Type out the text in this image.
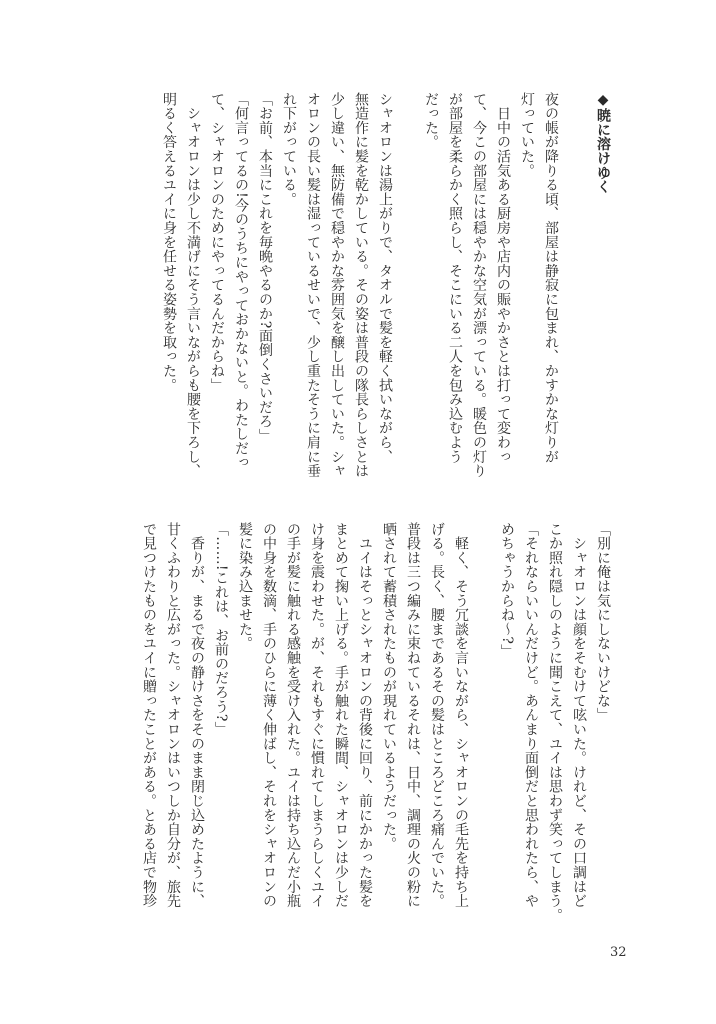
◆暁に溶けゆく

夜の帳が降りる頃、部屋は静寂に包まれ、かすかな灯りが

灯っていた。

　日中の活気ある厨房や店内の賑やかさとは打って変わっ

て、今この部屋には穏やかな空気が漂っている。暖色の灯り

が部屋を柔らかく照らし、そこにいる二人を包み込むよう

だった。

シャオロンは湯上がりで、タオルで髪を軽く拭いながら、

無造作に髪を乾かしている。その姿は普段の隊長らしさとは

少し違い、無防備で穏やかな雰囲気を醸し出していた。シャ

オロンの長い髪は湿っているせいで、少し重たそうに肩に垂

れ下がっている。

「お前、本当にこれを毎晩やるのか?面倒くさいだろ」

「何言ってるの!今のうちにやっておかないと。わたしだっ

て、シャオロンのためにやってるんだからね」

　シャオロンは少し不満げにそう言いながらも腰を下ろし、

明るく答えるユイに身を任せる姿勢を取った。

「別に俺は気にしないけどな」

　シャオロンは顔をそむけて呟いた。けれど、その口調はど

こか照れ隠しのように聞こえて、ユイは思わず笑ってしまう。

「それならいいんだけど。あんまり面倒だと思われたら、や

めちゃうからね〜?」

　軽く、そう冗談を言いながら、シャオロンの毛先を持ち上

げる。長く、腰まであるその髪はところどころ痛んでいた。

普段は三つ編みに束ねているそれは、日中、調理の火の粉に

晒されて蓄積されたものが現れているようだった。

　ユイはそっとシャオロンの背後に回り、前にかかった髪を

まとめて掬い上げる。手が触れた瞬間、シャオロンは少しだ

け身を震わせた。が、それもすぐに慣れてしまうらしくユイ

の手が髪に触れる感触を受け入れた。ユイは持ち込んだ小瓶

の中身を数滴、手のひらに薄く伸ばし、それをシャオロンの

髪に染み込ませた。

「……!これは、お前のだろう?」

　香りが、まるで夜の静けさをそのまま閉じ込めたように、

甘くふわりと広がった。シャオロンはいつしか自分が、旅先

で見つけたものをユイに贈ったことがある。とある店で物珍

32
